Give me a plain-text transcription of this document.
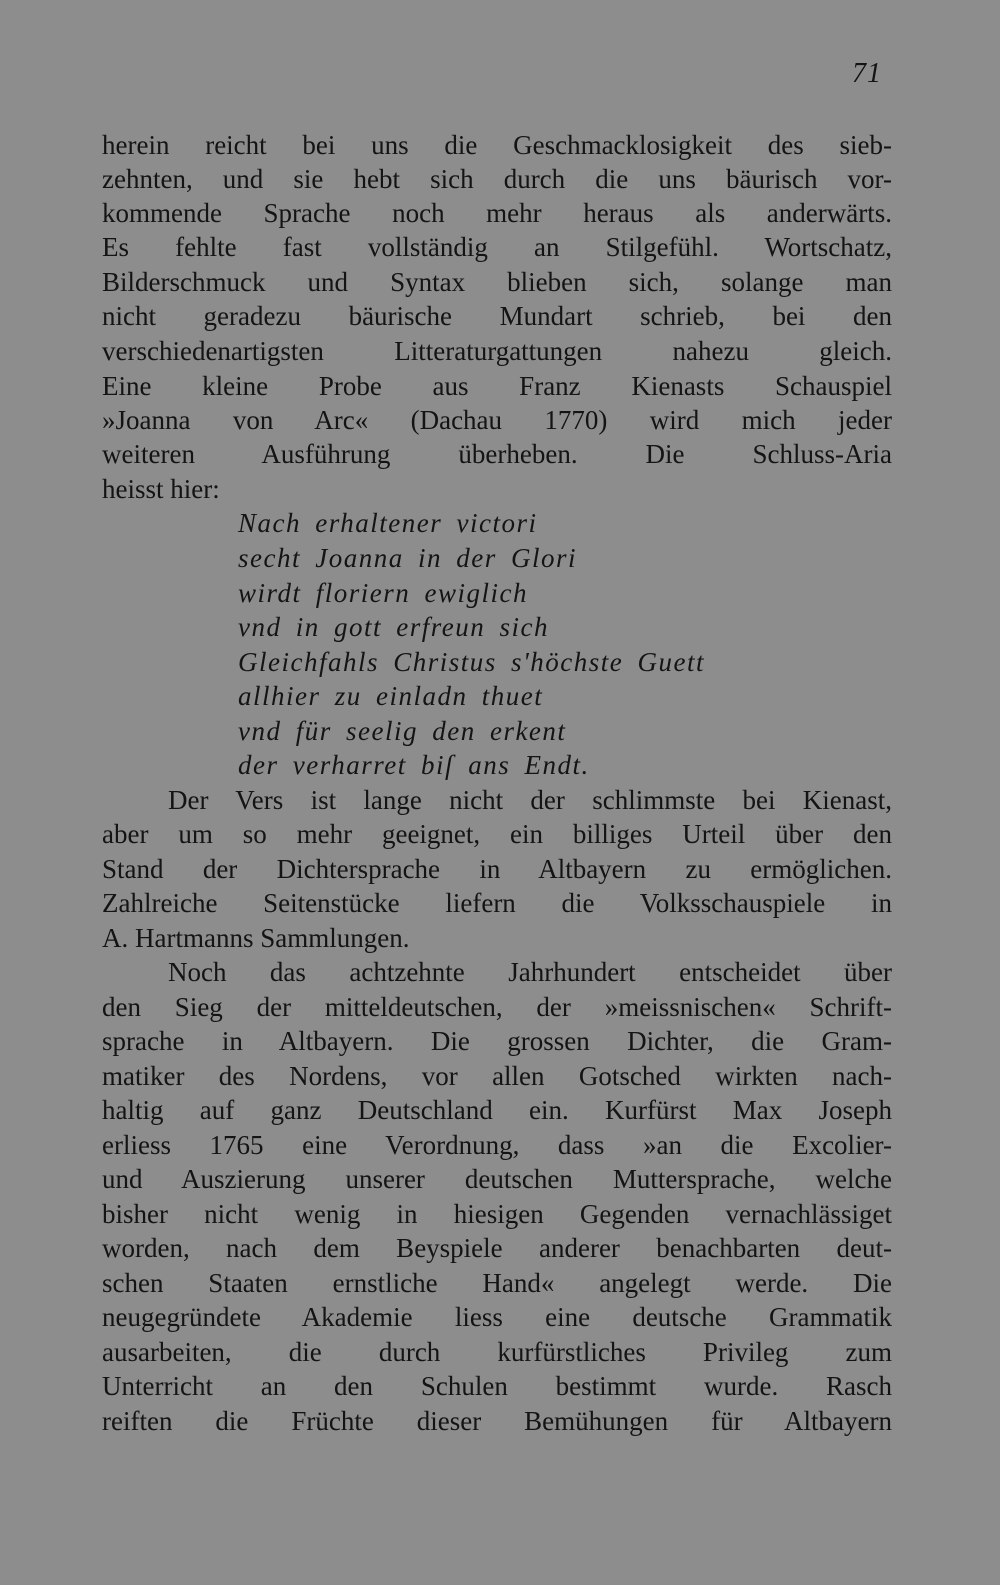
71
herein reicht bei uns die Geschmacklosigkeit des sieb-
zehnten, und sie hebt sich durch die uns bäurisch vor-
kommende Sprache noch mehr heraus als anderwärts.
Es fehlte fast vollständig an Stilgefühl. Wortschatz,
Bilderschmuck und Syntax blieben sich, solange man
nicht geradezu bäurische Mundart schrieb, bei den
verschiedenartigsten Litteraturgattungen nahezu gleich.
Eine kleine Probe aus Franz Kienasts Schauspiel
»Joanna von Arc« (Dachau 1770) wird mich jeder
weiteren Ausführung überheben. Die Schluss-Aria
heisst hier:
Nach erhaltener victori
secht Joanna in der Glori
wirdt floriern ewiglich
vnd in gott erfreun sich
Gleichfahls Christus s'höchste Guett
allhier zu einladn thuet
vnd für seelig den erkent
der verharret biſ ans Endt.
Der Vers ist lange nicht der schlimmste bei Kienast,
aber um so mehr geeignet, ein billiges Urteil über den
Stand der Dichtersprache in Altbayern zu ermöglichen.
Zahlreiche Seitenstücke liefern die Volksschauspiele in
A. Hartmanns Sammlungen.
Noch das achtzehnte Jahrhundert entscheidet über
den Sieg der mitteldeutschen, der »meissnischen« Schrift-
sprache in Altbayern. Die grossen Dichter, die Gram-
matiker des Nordens, vor allen Gotsched wirkten nach-
haltig auf ganz Deutschland ein. Kurfürst Max Joseph
erliess 1765 eine Verordnung, dass »an die Excolier-
und Auszierung unserer deutschen Muttersprache, welche
bisher nicht wenig in hiesigen Gegenden vernachlässiget
worden, nach dem Beyspiele anderer benachbarten deut-
schen Staaten ernstliche Hand« angelegt werde. Die
neugegründete Akademie liess eine deutsche Grammatik
ausarbeiten, die durch kurfürstliches Privileg zum
Unterricht an den Schulen bestimmt wurde. Rasch
reiften die Früchte dieser Bemühungen für Altbayern
